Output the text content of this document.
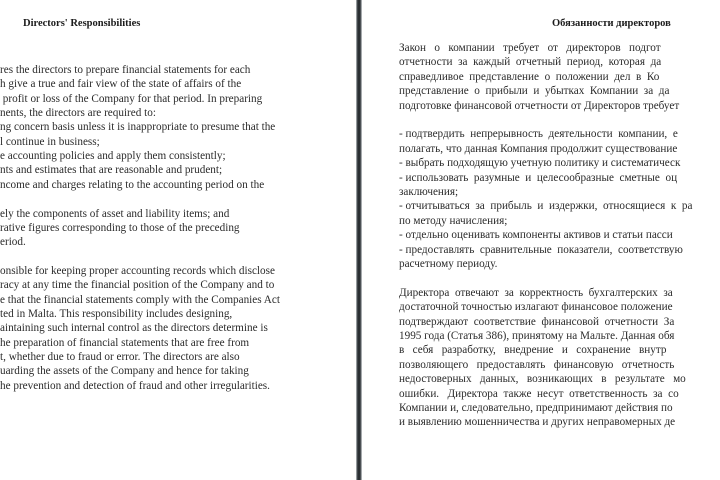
Directors' Responsibilities
res the directors to prepare financial statements for each
h give a true and fair view of the state of affairs of the
profit or loss of the Company for that period. In preparing
nents, the directors are required to:
ng concern basis unless it is inappropriate to presume that the
l continue in business;
e accounting policies and apply them consistently;
nts and estimates that are reasonable and prudent;
ncome and charges relating to the accounting period on the
ely the components of asset and liability items; and
rative figures corresponding to those of the preceding
eriod.
onsible for keeping proper accounting records which disclose
racy at any time the financial position of the Company and to
e that the financial statements comply with the Companies Act
ted in Malta. This responsibility includes designing,
aintaining such internal control as the directors determine is
he preparation of financial statements that are free from
t, whether due to fraud or error. The directors are also
uarding the assets of the Company and hence for taking
he prevention and detection of fraud and other irregularities.
Обязанности директоров
Закон   о   компании   требует   от   директоров   подгот
отчетности  за  каждый  отчетный  период,  которая  да
справедливое  представление  о  положении  дел  в  Ко
представление  о  прибыли  и  убытках  Компании  за  да
подготовке финансовой отчетности от Директоров требует
- подтвердить  непрерывность  деятельности  компании,  е
полагать, что данная Компания продолжит существование
- выбрать подходящую учетную политику и систематическ
- использовать  разумные  и  целесообразные  сметные  оц
заключения;
- отчитываться  за  прибыль  и  издержки,  относящиеся  к  ра
по методу начисления;
- отдельно оценивать компоненты активов и статьи пасси
- предоставлять  сравнительные  показатели,  соответствую
расчетному периоду.
Директора  отвечают  за  корректность  бухгалтерских  за
достаточной точностью излагают финансовое положение
подтверждают  соответствие  финансовой  отчетности  За
1995 года (Статья 386), принятому на Мальте. Данная обя
в   себя   разработку,   внедрение   и   сохранение   внутр
позволяющего   предоставлять   финансовую   отчетность
недостоверных   данных,   возникающих   в   результате   мо
ошибки.   Директора  также  несут  ответственность  за  со
Компании и, следовательно, предпринимают действия по
и выявлению мошенничества и других неправомерных де
